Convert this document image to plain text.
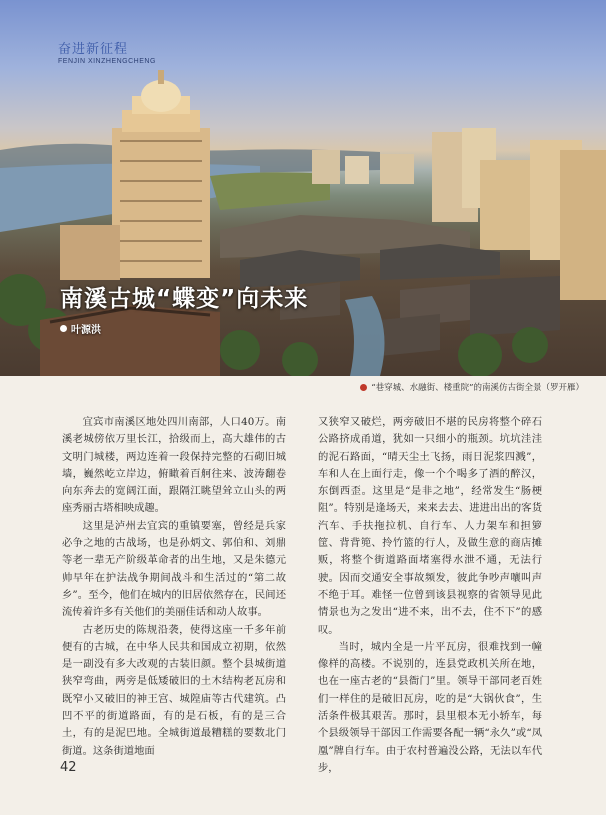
奋进新征程
FENJIN XINZHENGCHENG
南溪古城“蝶变”向未来
叶源洪
“巷穿城、水融街、楼重院”的南溪仿古街全景（罗开雁）

宜宾市南溪区地处四川南部，人口40万。南溪老城傍依万里长江，拾级而上，高大雄伟的古文明门城楼，两边连着一段保持完整的石砌旧城墙，巍然屹立岸边，俯瞰着百舸往来、波涛翻卷向东奔去的宽阔江面，跟隔江眺望耸立山头的两座秀丽古塔相映成趣。

这里是泸州去宜宾的重镇要塞，曾经是兵家必争之地的古战场，也是孙炳文、郭伯和、刘鼎等老一辈无产阶级革命者的出生地，又是朱德元帅早年在护法战争期间战斗和生活过的“第二故乡”。至今，他们在城内的旧居依然存在，民间还流传着许多有关他们的美丽佳话和动人故事。

古老历史的陈规沿袭，使得这座一千多年前便有的古城，在中华人民共和国成立初期，依然是一副没有多大改观的古装旧颜。整个县城街道狭窄弯曲，两旁是低矮破旧的土木结构老瓦房和既窄小又破旧的神王宫、城隍庙等古代建筑。凸凹不平的街道路面，有的是石板，有的是三合土，有的是泥巴地。全城街道最糟糕的要数北门街道。这条街道地面

又狭窄又破烂，两旁破旧不堪的民房将整个碎石公路挤成甬道，犹如一只细小的瓶颈。坑坑洼洼的泥石路面，“晴天尘土飞扬，雨日泥浆四溅”，车和人在上面行走，像一个个喝多了酒的醉汉，东倒西歪。这里是“是非之地”，经常发生“肠梗阻”。特别是逢场天，来来去去、进进出出的客货汽车、手扶拖拉机、自行车、人力架车和担箩筐、背背篼、拎竹篮的行人，及做生意的商店摊贩，将整个街道路面堵塞得水泄不通，无法行驶。因而交通安全事故频发，彼此争吵声嚷叫声不绝于耳。难怪一位曾到该县视察的省领导见此情景也为之发出“进不来，出不去，住不下”的感叹。

当时，城内全是一片平瓦房，很难找到一幢像样的高楼。不说别的，连县党政机关所在地，也在一座古老的“县衙门”里。领导干部同老百姓们一样住的是破旧瓦房，吃的是“大锅伙食”，生活条件极其艰苦。那时，县里根本无小轿车，每个县级领导干部因工作需要各配一辆“永久”或“凤凰”牌自行车。由于农村普遍没公路，无法以车代步，

42
